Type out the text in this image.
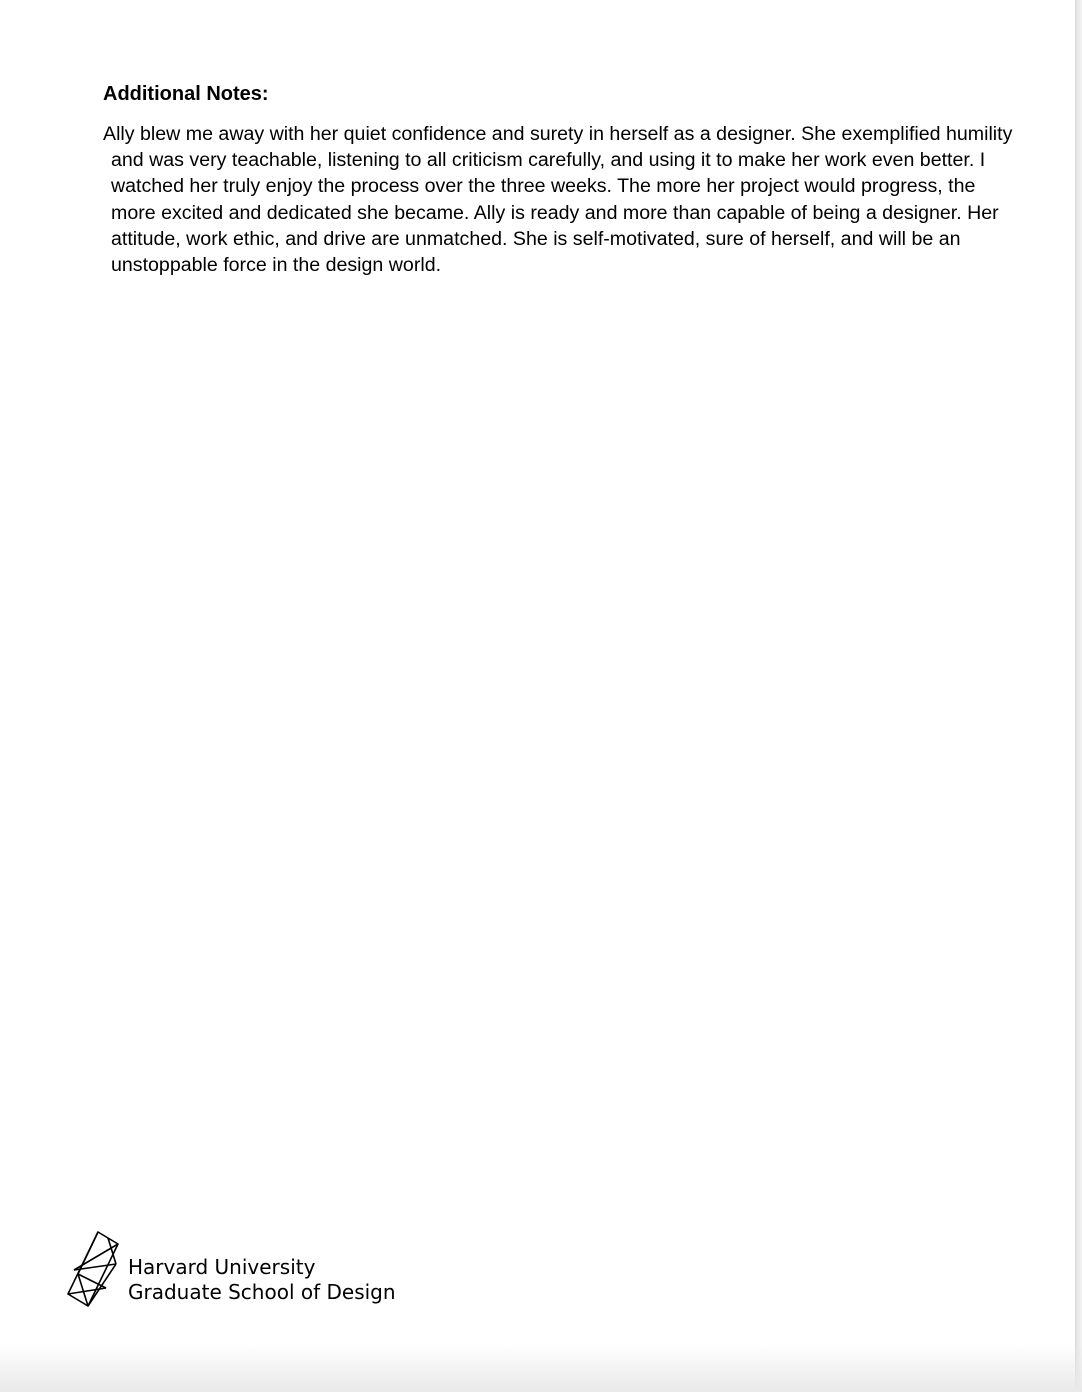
Additional Notes:

Ally blew me away with her quiet confidence and surety in herself as a designer. She exemplified humility and was very teachable, listening to all criticism carefully, and using it to make her work even better. I watched her truly enjoy the process over the three weeks. The more her project would progress, the more excited and dedicated she became. Ally is ready and more than capable of being a designer. Her attitude, work ethic, and drive are unmatched. She is self-motivated, sure of herself, and will be an unstoppable force in the design world.

Harvard University
Graduate School of Design
